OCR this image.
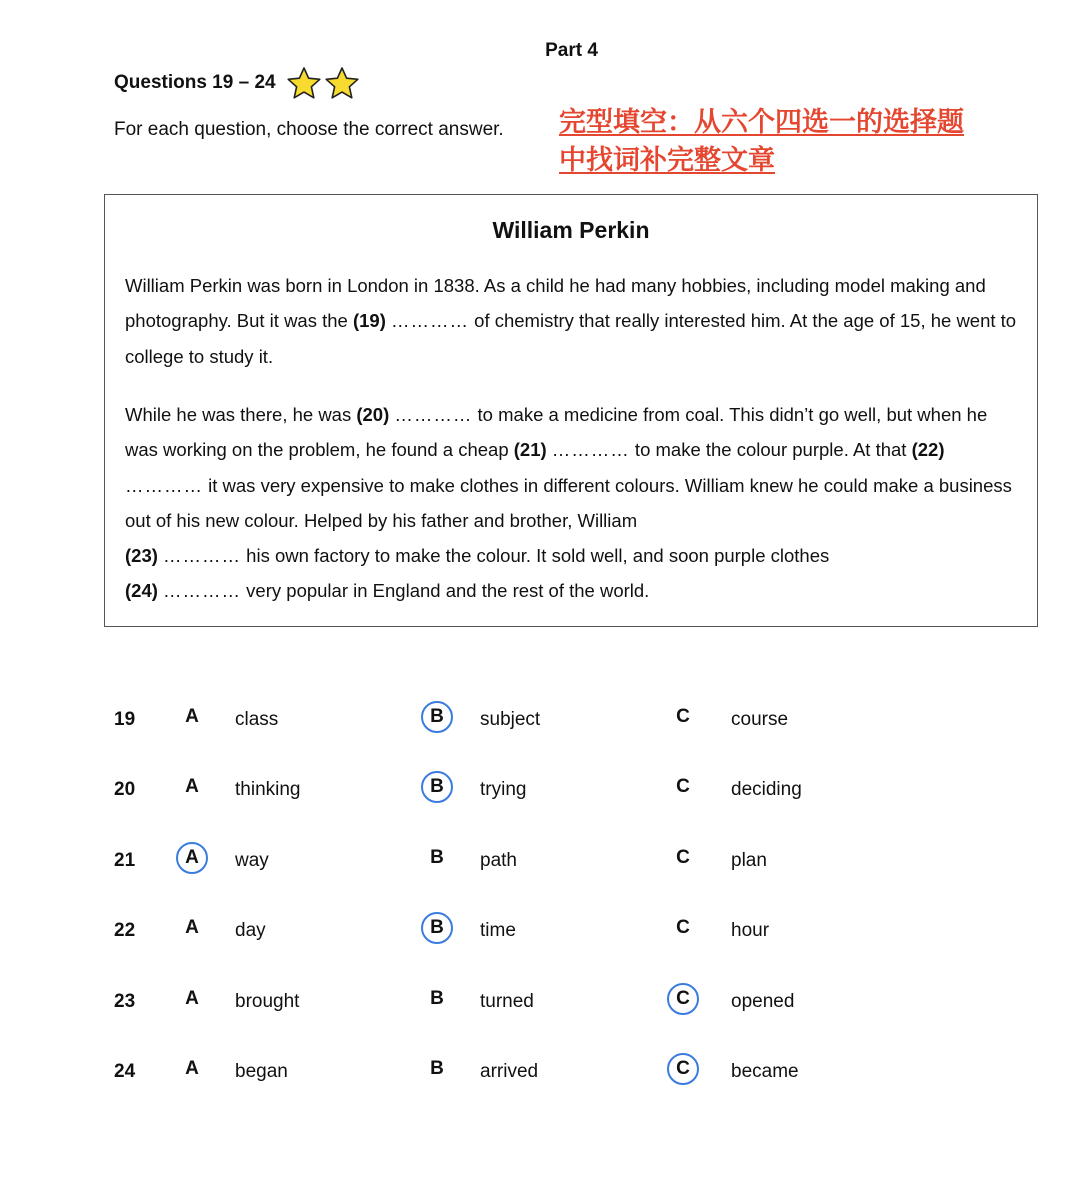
Part 4
Questions 19 – 24
For each question, choose the correct answer. 完型填空：从六个四选一的选择题
中找词补完整文章
William Perkin
William Perkin was born in London in 1838. As a child he had many hobbies, including model making and photography. But it was the (19) ………… of chemistry that really interested him. At the age of 15, he went to college to study it.
While he was there, he was (20) ………… to make a medicine from coal. This didn’t go well, but when he was working on the problem, he found a cheap (21) ………… to make the colour purple. At that (22) ………… it was very expensive to make clothes in different colours. William knew he could make a business out of his new colour. Helped by his father and brother, William
(23) ………… his own factory to make the colour. It sold well, and soon purple clothes
(24) ………… very popular in England and the rest of the world.
19	A	class	B	subject	C	course
20	A	thinking	B	trying	C	deciding
21	A	way	B	path	C	plan
22	A	day	B	time	C	hour
23	A	brought	B	turned	C	opened
24	A	began	B	arrived	C	became
